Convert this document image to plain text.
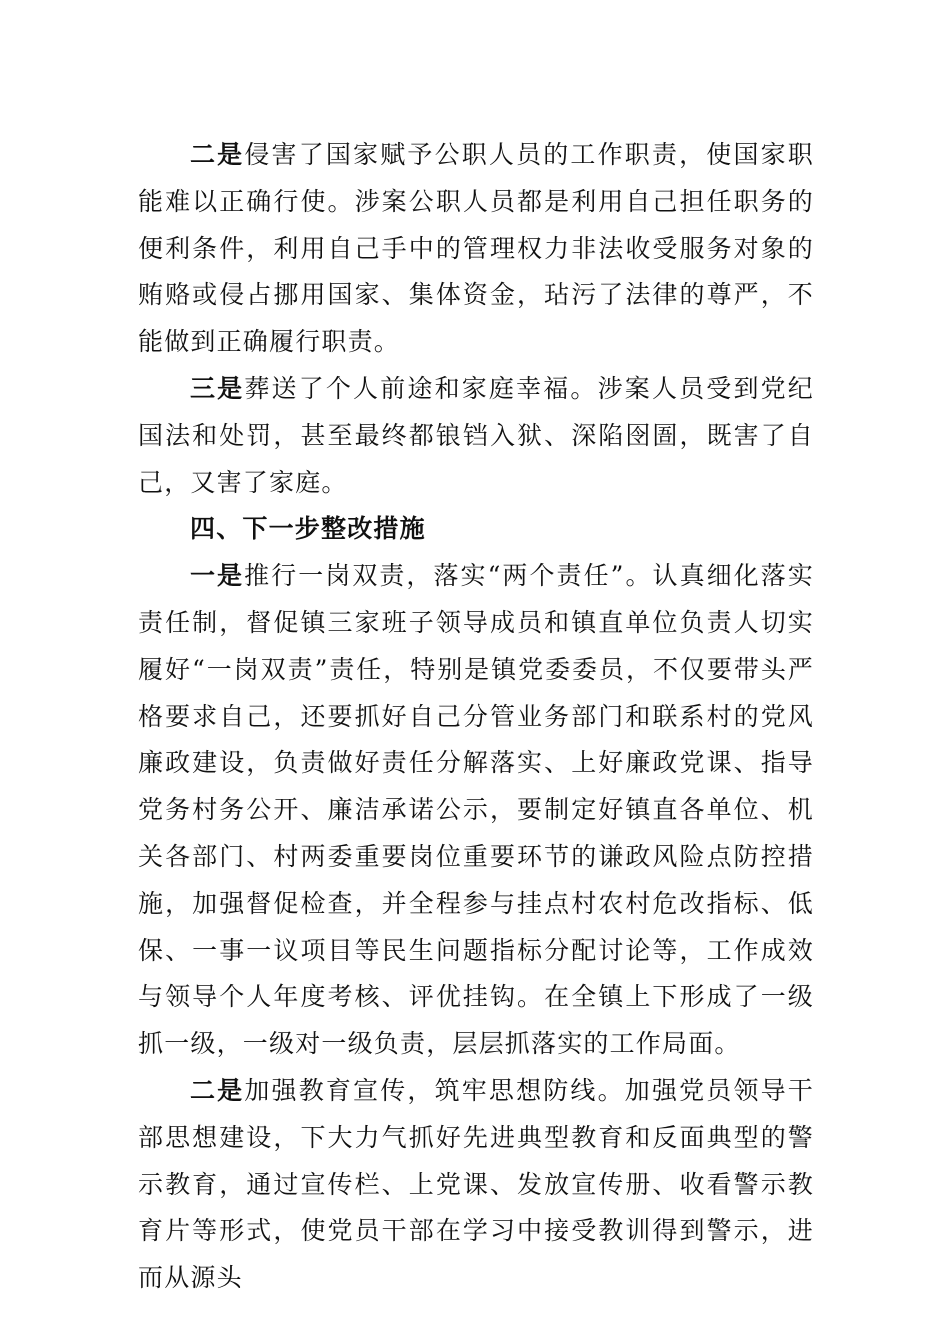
二是侵害了国家赋予公职人员的工作职责，使国家职能难以正确行使。涉案公职人员都是利用自己担任职务的便利条件，利用自己手中的管理权力非法收受服务对象的贿赂或侵占挪用国家、集体资金，玷污了法律的尊严，不能做到正确履行职责。

三是葬送了个人前途和家庭幸福。涉案人员受到党纪国法和处罚，甚至最终都锒铛入狱、深陷囹圄，既害了自己，又害了家庭。

四、下一步整改措施

一是推行一岗双责，落实“两个责任”。认真细化落实责任制，督促镇三家班子领导成员和镇直单位负责人切实履好“一岗双责”责任，特别是镇党委委员，不仅要带头严格要求自己，还要抓好自己分管业务部门和联系村的党风廉政建设，负责做好责任分解落实、上好廉政党课、指导党务村务公开、廉洁承诺公示，要制定好镇直各单位、机关各部门、村两委重要岗位重要环节的谦政风险点防控措施，加强督促检查，并全程参与挂点村农村危改指标、低保、一事一议项目等民生问题指标分配讨论等，工作成效与领导个人年度考核、评优挂钩。在全镇上下形成了一级抓一级，一级对一级负责，层层抓落实的工作局面。

二是加强教育宣传，筑牢思想防线。加强党员领导干部思想建设，下大力气抓好先进典型教育和反面典型的警示教育，通过宣传栏、上党课、发放宣传册、收看警示教育片等形式，使党员干部在学习中接受教训得到警示，进而从源头
